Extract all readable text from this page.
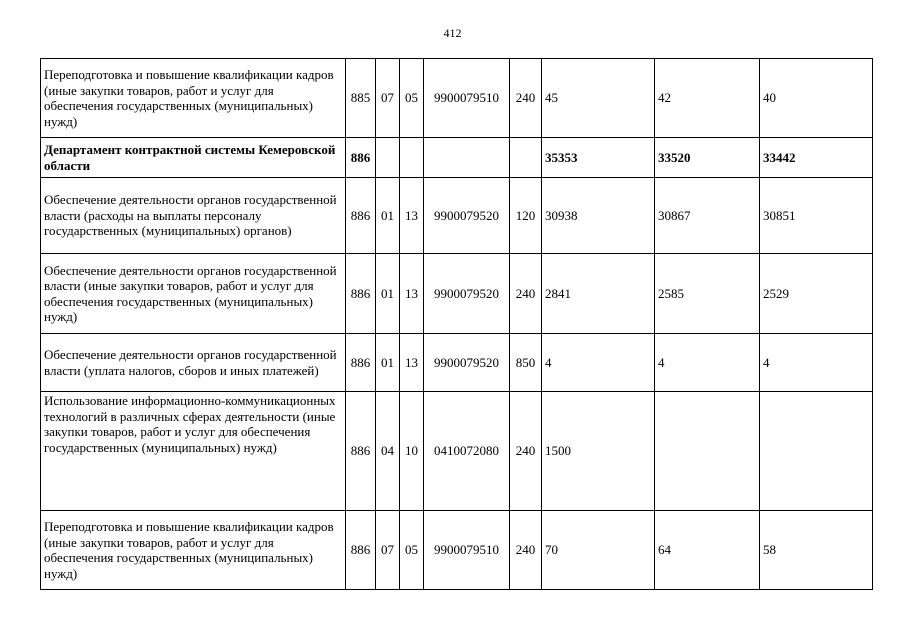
412
Переподготовка и повышение квалификации кадров (иные закупки товаров, работ и услуг для обеспечения государственных (муниципальных) нужд)	885	07	05	9900079510	240	45	42	40
Департамент контрактной системы Кемеровской области	886					35353	33520	33442
Обеспечение деятельности органов государственной власти (расходы на выплаты персоналу государственных (муниципальных) органов)	886	01	13	9900079520	120	30938	30867	30851
Обеспечение деятельности органов государственной власти (иные закупки товаров, работ и услуг для обеспечения государственных (муниципальных) нужд)	886	01	13	9900079520	240	2841	2585	2529
Обеспечение деятельности органов государственной власти (уплата налогов, сборов и иных платежей)	886	01	13	9900079520	850	4	4	4
Использование информационно-коммуникационных технологий в различных сферах деятельности (иные закупки товаров, работ и услуг для обеспечения государственных (муниципальных) нужд)	886	04	10	0410072080	240	1500		
Переподготовка и повышение квалификации кадров (иные закупки товаров, работ и услуг для обеспечения государственных (муниципальных) нужд)	886	07	05	9900079510	240	70	64	58
